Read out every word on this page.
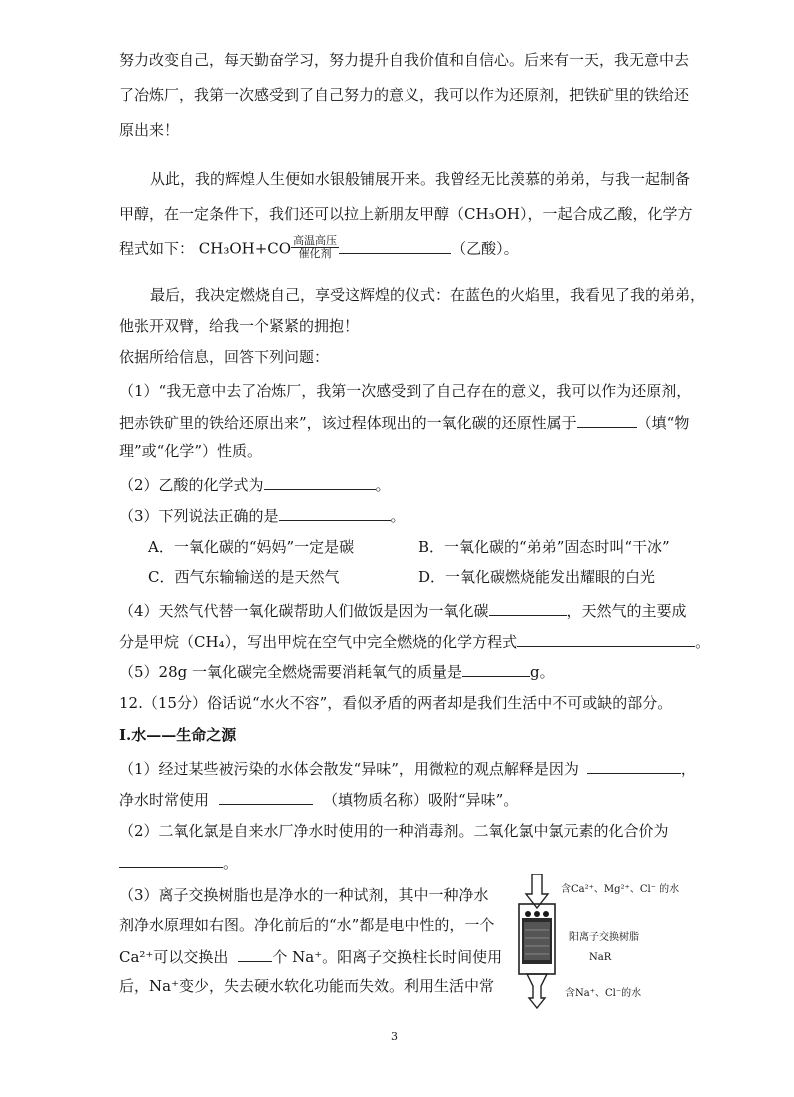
努力改变自己，每天勤奋学习，努力提升自我价值和自信心。后来有一天，我无意中去
了冶炼厂，我第一次感受到了自己努力的意义，我可以作为还原剂，把铁矿里的铁给还
原出来！
从此，我的辉煌人生便如水银般铺展开来。我曾经无比羡慕的弟弟，与我一起制备
甲醇，在一定条件下，我们还可以拉上新朋友甲醇（CH₃OH），一起合成乙酸，化学方
程式如下： CH₃OH+CO 高温高压
催化剂	（乙酸）。
最后，我决定燃烧自己，享受这辉煌的仪式：在蓝色的火焰里，我看见了我的弟弟，
他张开双臂，给我一个紧紧的拥抱！
依据所给信息，回答下列问题：
（1）“我无意中去了冶炼厂，我第一次感受到了自己存在的意义，我可以作为还原剂，
把赤铁矿里的铁给还原出来”，该过程体现出的一氧化碳的还原性属于	（填“物
理”或“化学”）性质。
（2）乙酸的化学式为	。
（3）下列说法正确的是	。
A．一氧化碳的“妈妈”一定是碳	B．一氧化碳的“弟弟”固态时叫“干冰”
C．西气东输输送的是天然气	D．一氧化碳燃烧能发出耀眼的白光
（4）天然气代替一氧化碳帮助人们做饭是因为一氧化碳	，天然气的主要成
分是甲烷（CH₄），写出甲烷在空气中完全燃烧的化学方程式	。
（5）28g 一氧化碳完全燃烧需要消耗氧气的质量是	g。
12.（15分）俗话说“水火不容”，看似矛盾的两者却是我们生活中不可或缺的部分。
Ⅰ.水——生命之源
（1）经过某些被污染的水体会散发“异味”，用微粒的观点解释是因为	，
净水时常使用	（填物质名称）吸附“异味”。
（2）二氧化氯是自来水厂净水时使用的一种消毒剂。二氧化氯中氯元素的化合价为
。
（3）离子交换树脂也是净水的一种试剂，其中一种净水
剂净水原理如右图。净化前后的“水”都是电中性的，一个
Ca²⁺可以交换出	个 Na⁺。阳离子交换柱长时间使用
后，Na⁺变少，失去硬水软化功能而失效。利用生活中常
含Ca²⁺、Mg²⁺、Cl⁻ 的水
阳离子交换树脂
NaR
含Na⁺、Cl⁻的水
3
